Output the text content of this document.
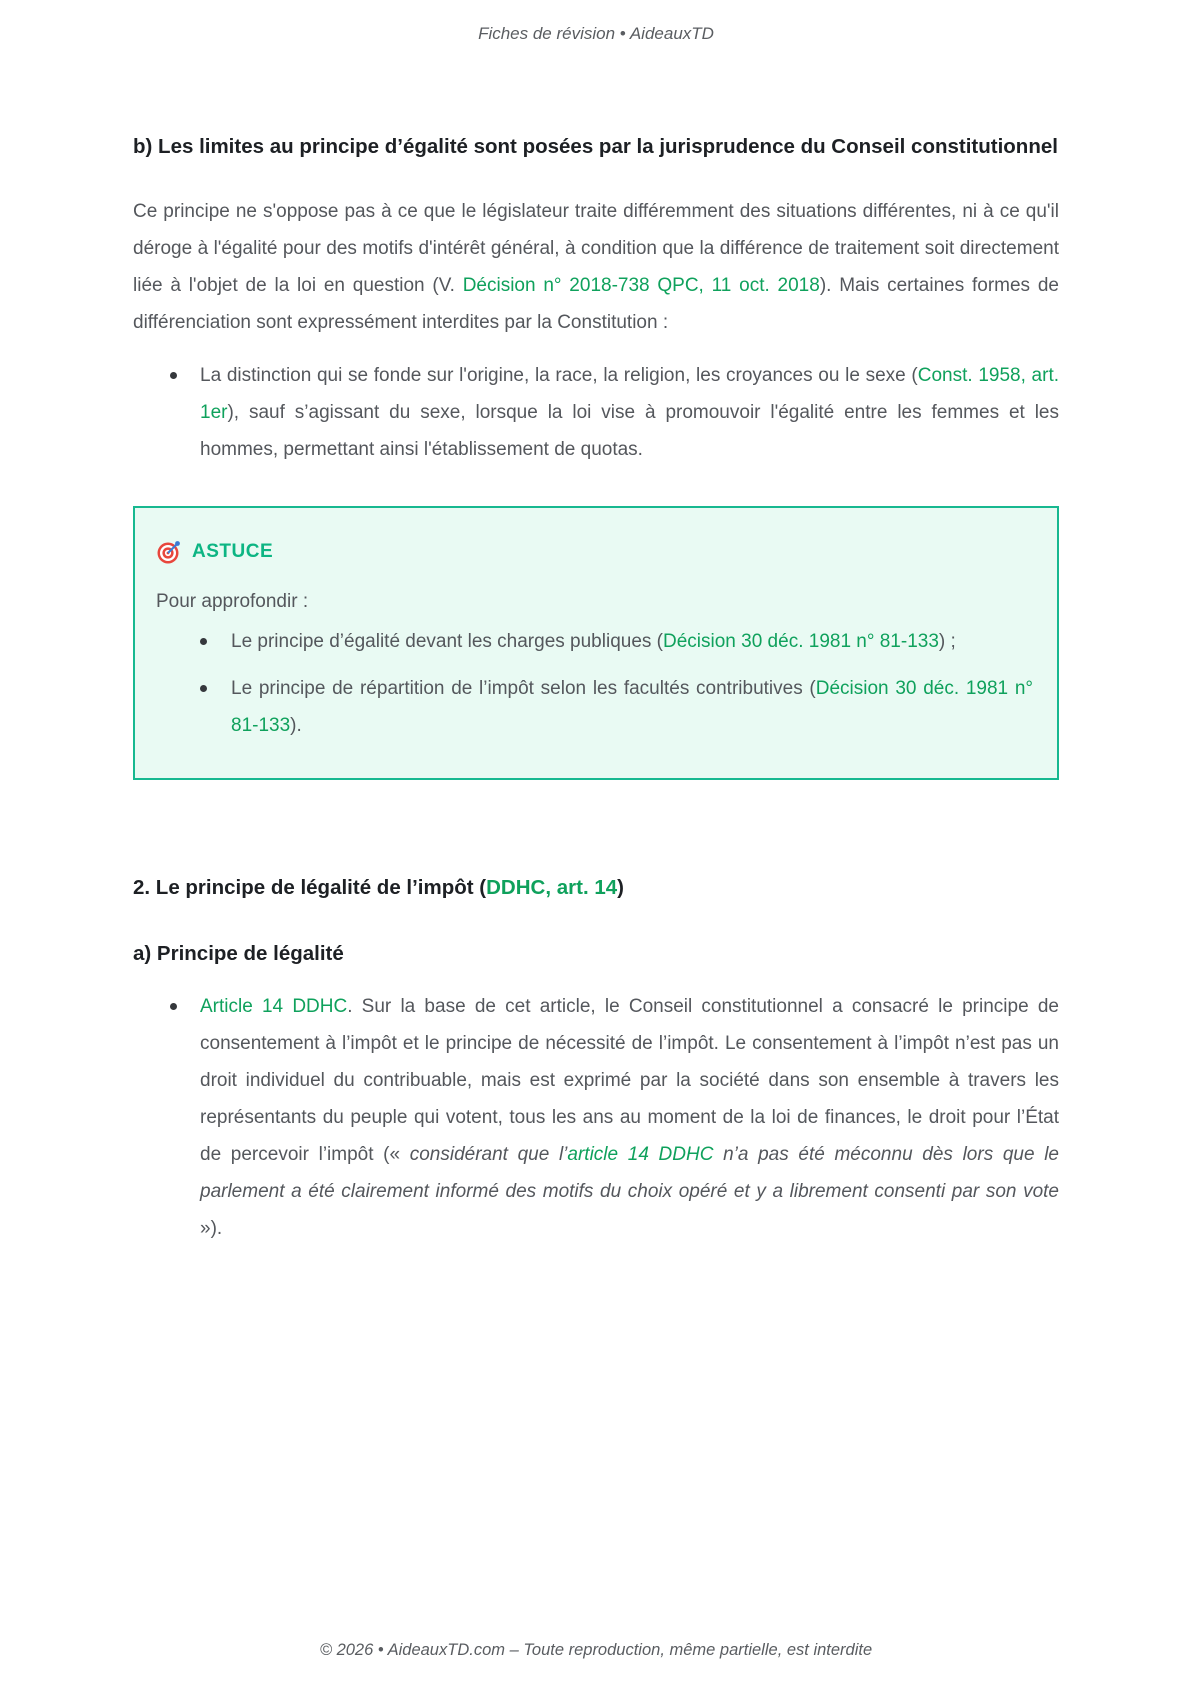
Fiches de révision • AideauxTD
b) Les limites au principe d’égalité sont posées par la jurisprudence du Conseil constitutionnel

Ce principe ne s'oppose pas à ce que le législateur traite différemment des situations différentes, ni à ce qu'il déroge à l'égalité pour des motifs d'intérêt général, à condition que la différence de traitement soit directement liée à l'objet de la loi en question (V. Décision n° 2018-738 QPC, 11 oct. 2018). Mais certaines formes de différenciation sont expressément interdites par la Constitution :

La distinction qui se fonde sur l'origine, la race, la religion, les croyances ou le sexe (Const. 1958, art. 1er), sauf s’agissant du sexe, lorsque la loi vise à promouvoir l'égalité entre les femmes et les hommes, permettant ainsi l'établissement de quotas.

ASTUCE
Pour approfondir :

Le principe d’égalité devant les charges publiques (Décision 30 déc. 1981 n° 81-133) ;

Le principe de répartition de l’impôt selon les facultés contributives (Décision 30 déc. 1981 n° 81-133).

2. Le principe de légalité de l’impôt (DDHC, art. 14)
a) Principe de légalité

Article 14 DDHC. Sur la base de cet article, le Conseil constitutionnel a consacré le principe de consentement à l’impôt et le principe de nécessité de l’impôt. Le consentement à l’impôt n’est pas un droit individuel du contribuable, mais est exprimé par la société dans son ensemble à travers les représentants du peuple qui votent, tous les ans au moment de la loi de finances, le droit pour l’État de percevoir l’impôt (« considérant que l’article 14 DDHC n’a pas été méconnu dès lors que le parlement a été clairement informé des motifs du choix opéré et y a librement consenti par son vote »).

© 2026 • AideauxTD.com – Toute reproduction, même partielle, est interdite
